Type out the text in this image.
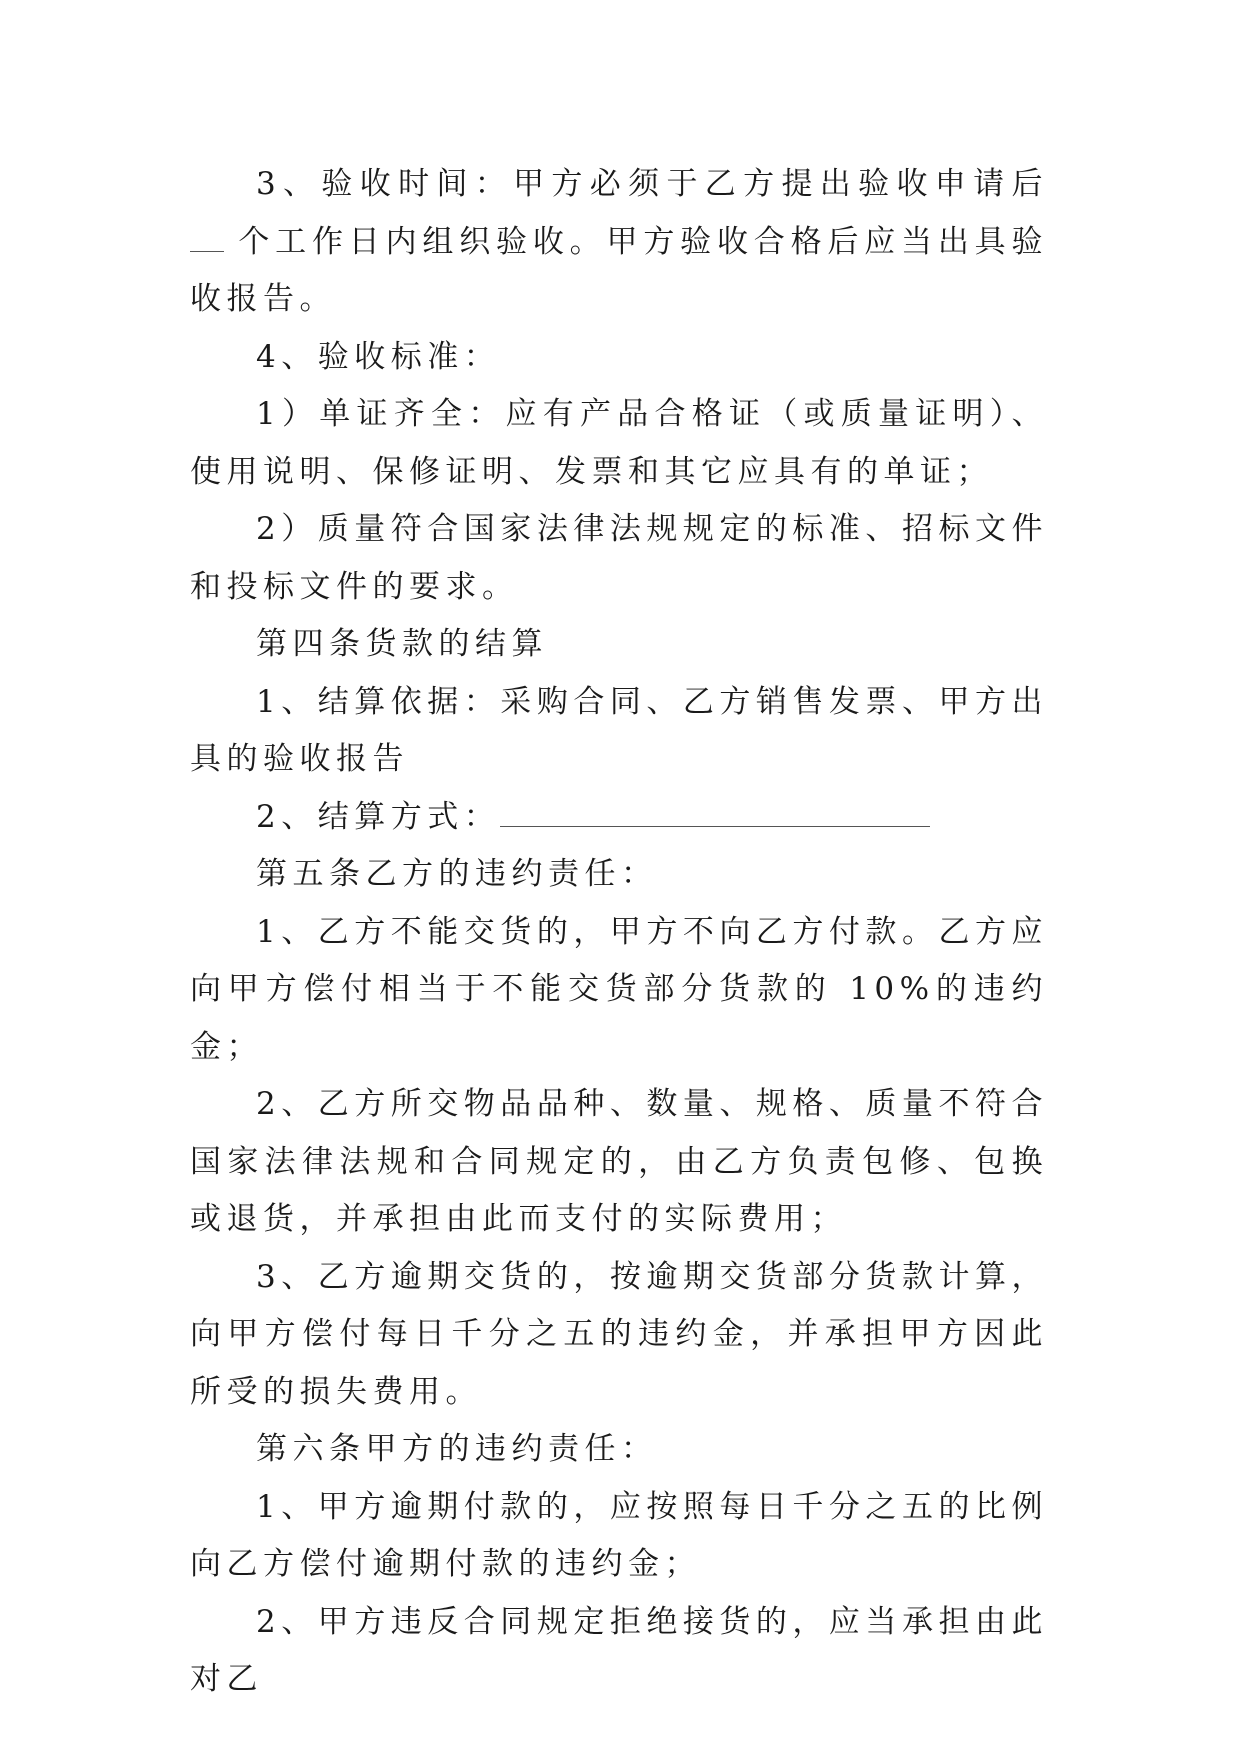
3、验收时间：甲方必须于乙方提出验收申请后个工作日内组织验收。甲方验收合格后应当出具验收报告。

4、验收标准：

1）单证齐全：应有产品合格证（或质量证明）、使用说明、保修证明、发票和其它应具有的单证；

2）质量符合国家法律法规规定的标准、招标文件和投标文件的要求。

第四条货款的结算

1、结算依据：采购合同、乙方销售发票、甲方出具的验收报告

2、结算方式：

第五条乙方的违约责任：

1、乙方不能交货的，甲方不向乙方付款。乙方应向甲方偿付相当于不能交货部分货款的 10%的违约金；

2、乙方所交物品品种、数量、规格、质量不符合国家法律法规和合同规定的，由乙方负责包修、包换或退货，并承担由此而支付的实际费用；

3、乙方逾期交货的，按逾期交货部分货款计算，向甲方偿付每日千分之五的违约金，并承担甲方因此所受的损失费用。

第六条甲方的违约责任：

1、甲方逾期付款的，应按照每日千分之五的比例向乙方偿付逾期付款的违约金；

2、甲方违反合同规定拒绝接货的，应当承担由此对乙
